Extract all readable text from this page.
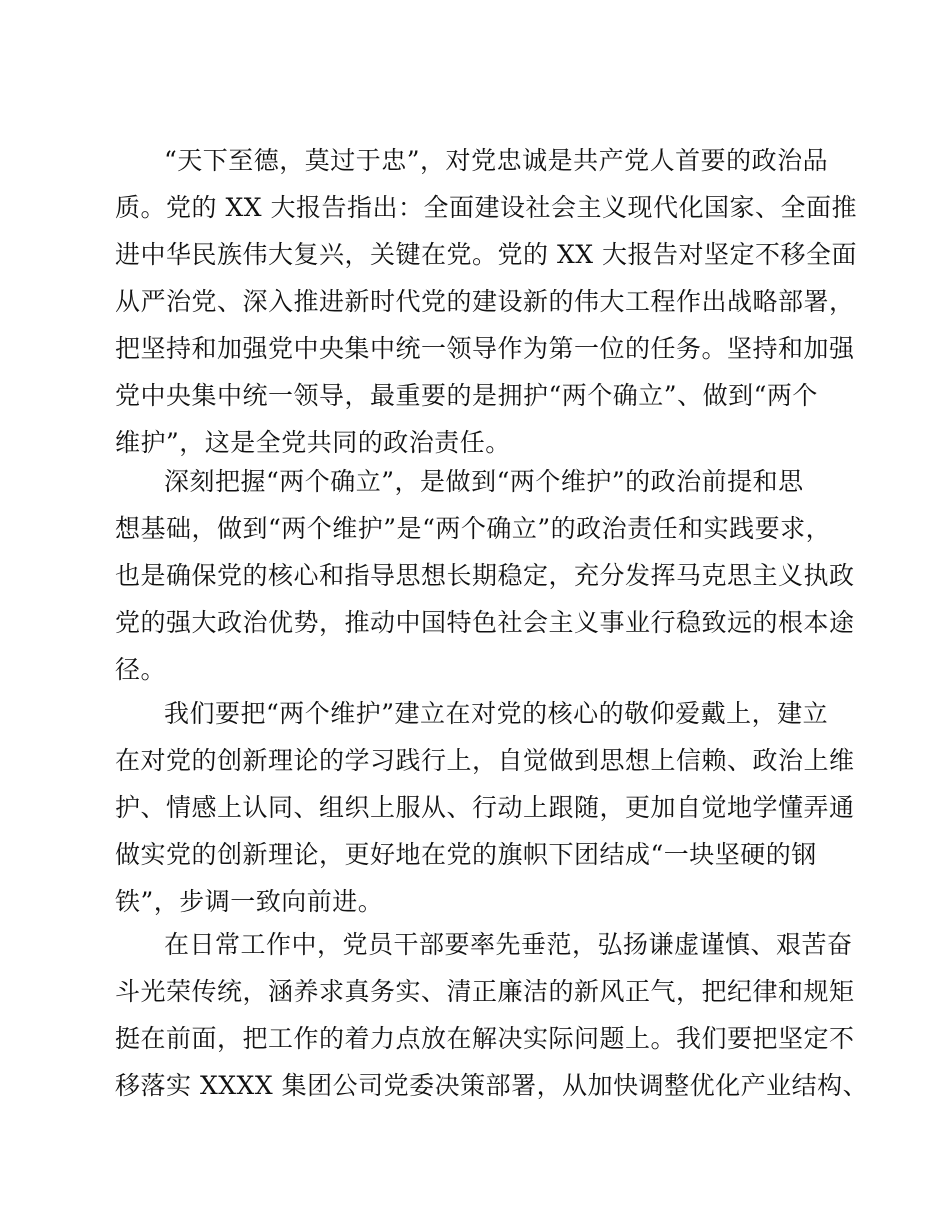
“天下至德，莫过于忠”，对党忠诚是共产党人首要的政治品
质。党的 XX 大报告指出：全面建设社会主义现代化国家、全面推
进中华民族伟大复兴，关键在党。党的 XX 大报告对坚定不移全面
从严治党、深入推进新时代党的建设新的伟大工程作出战略部署，
把坚持和加强党中央集中统一领导作为第一位的任务。坚持和加强
党中央集中统一领导，最重要的是拥护“两个确立”、做到“两个
维护”，这是全党共同的政治责任。
深刻把握“两个确立”，是做到“两个维护”的政治前提和思
想基础，做到“两个维护”是“两个确立”的政治责任和实践要求，
也是确保党的核心和指导思想长期稳定，充分发挥马克思主义执政
党的强大政治优势，推动中国特色社会主义事业行稳致远的根本途
径。
我们要把“两个维护”建立在对党的核心的敬仰爱戴上，建立
在对党的创新理论的学习践行上，自觉做到思想上信赖、政治上维
护、情感上认同、组织上服从、行动上跟随，更加自觉地学懂弄通
做实党的创新理论，更好地在党的旗帜下团结成“一块坚硬的钢
铁”，步调一致向前进。
在日常工作中，党员干部要率先垂范，弘扬谦虚谨慎、艰苦奋
斗光荣传统，涵养求真务实、清正廉洁的新风正气，把纪律和规矩
挺在前面，把工作的着力点放在解决实际问题上。我们要把坚定不
移落实 XXXX 集团公司党委决策部署，从加快调整优化产业结构、
